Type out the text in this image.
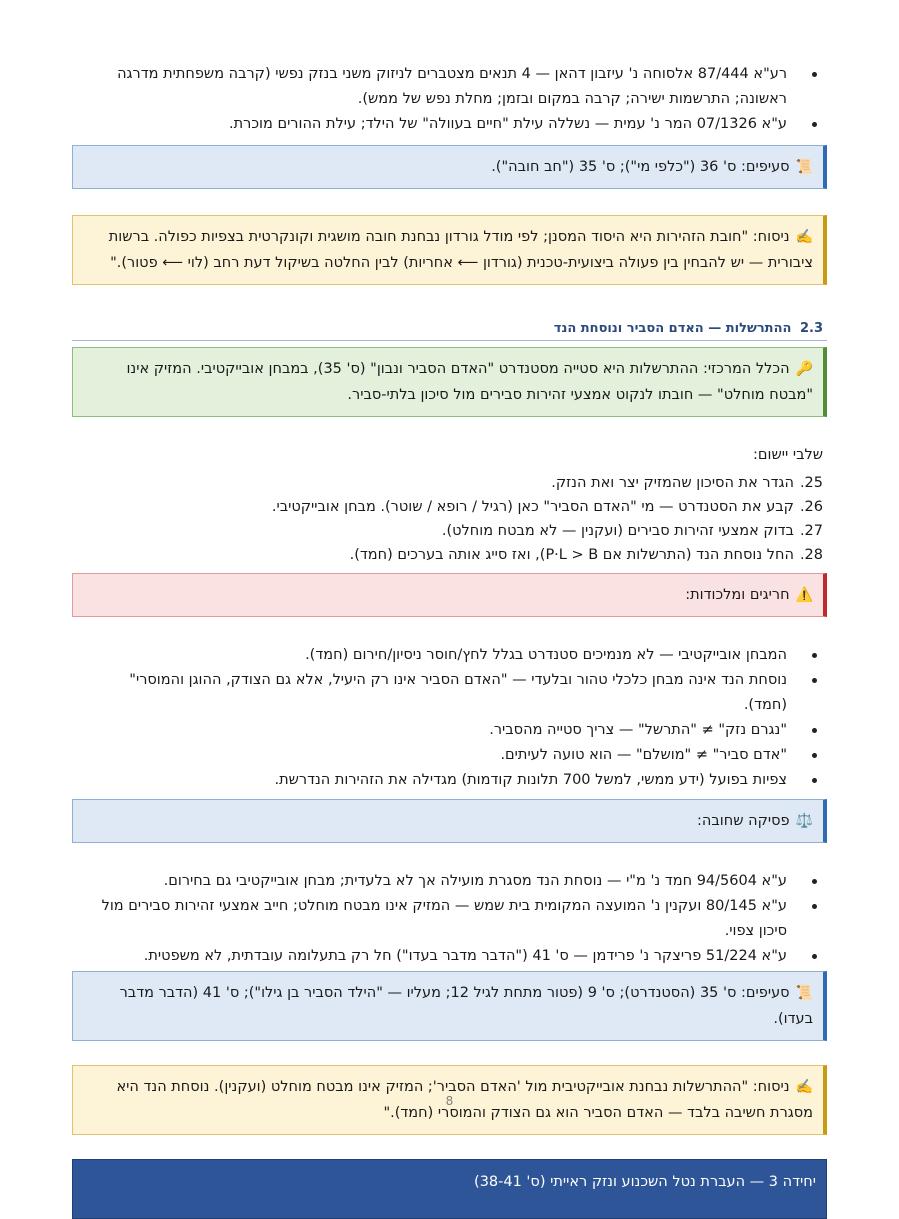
רע"א 87/444 אלסוחה נ' עיזבון דהאן — 4 תנאים מצטברים לניזוק משני בנזק נפשי (קרבה משפחתית מדרגה ראשונה; התרשמות ישירה; קרבה במקום ובזמן; מחלת נפש של ממש).
ע"א 07/1326 המר נ' עמית — נשללה עילת "חיים בעוולה" של הילד; עילת ההורים מוכרת.
📜סעיפים: ס' 36 ("כלפי מי"); ס' 35 ("חב חובה").
✍️ניסוח: "חובת הזהירות היא היסוד המסנן; לפי מודל גורדון נבחנת חובה מושגית וקונקרטית בצפיות כפולה. ברשות ציבורית — יש להבחין בין פעולה ביצועית-טכנית (גורדון ⟵ אחריות) לבין החלטה בשיקול דעת רחב (לוי ⟵ פטור)."
2.3 ההתרשלות — האדם הסביר ונוסחת הנד
🔑הכלל המרכזי: ההתרשלות היא סטייה מסטנדרט "האדם הסביר ונבון" (ס' 35), במבחן אובייקטיבי. המזיק אינו "מבטח מוחלט" — חובתו לנקוט אמצעי זהירות סבירים מול סיכון בלתי-סביר.
שלבי יישום:
25.הגדר את הסיכון שהמזיק יצר ואת הנזק.
26.קבע את הסטנדרט — מי "האדם הסביר" כאן (רגיל / רופא / שוטר). מבחן אובייקטיבי.
27.בדוק אמצעי זהירות סבירים (ועקנין — לא מבטח מוחלט).
28.החל נוסחת הנד (התרשלות אם P·L > B), ואז סייג אותה בערכים (חמד).
⚠️חריגים ומלכודות:
המבחן אובייקטיבי — לא מנמיכים סטנדרט בגלל לחץ/חוסר ניסיון/חירום (חמד).
נוסחת הנד אינה מבחן כלכלי טהור ובלעדי — "האדם הסביר אינו רק היעיל, אלא גם הצודק, ההוגן והמוסרי" (חמד).
"נגרם נזק" ≠ "התרשל" — צריך סטייה מהסביר.
"אדם סביר" ≠ "מושלם" — הוא טועה לעיתים.
צפיות בפועל (ידע ממשי, למשל 700 תלונות קודמות) מגדילה את הזהירות הנדרשת.
⚖️פסיקה שחובה:
ע"א 94/5604 חמד נ' מ"י — נוסחת הנד מסגרת מועילה אך לא בלעדית; מבחן אובייקטיבי גם בחירום.
ע"א 80/145 ועקנין נ' המועצה המקומית בית שמש — המזיק אינו מבטח מוחלט; חייב אמצעי זהירות סבירים מול סיכון צפוי.
ע"א 51/224 פריצקר נ' פרידמן — ס' 41 ("הדבר מדבר בעדו") חל רק בתעלומה עובדתית, לא משפטית.
📜סעיפים: ס' 35 (הסטנדרט); ס' 9 (פטור מתחת לגיל 12; מעליו — "הילד הסביר בן גילו"); ס' 41 (הדבר מדבר בעדו).
✍️ניסוח: "ההתרשלות נבחנת אובייקטיבית מול 'האדם הסביר'; המזיק אינו מבטח מוחלט (ועקנין). נוסחת הנד היא מסגרת חשיבה בלבד — האדם הסביר הוא גם הצודק והמוסרי (חמד)."
יחידה 3 — העברת נטל השכנוע ונזק ראייתי (ס' 38-41)
8
